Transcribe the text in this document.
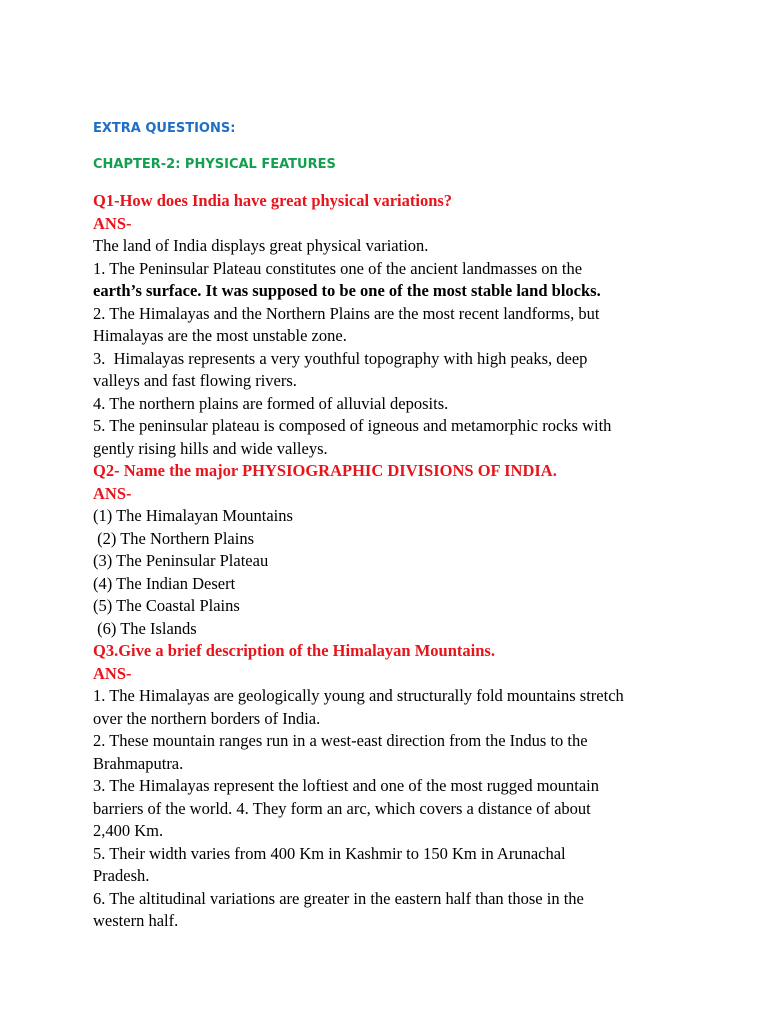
EXTRA QUESTIONS:
CHAPTER-2: PHYSICAL FEATURES
Q1-How does India have great physical variations?
ANS-
The land of India displays great physical variation.
1. The Peninsular Plateau constitutes one of the ancient landmasses on the
earth’s surface. It was supposed to be one of the most stable land blocks.
2. The Himalayas and the Northern Plains are the most recent landforms, but
Himalayas are the most unstable zone.
3.  Himalayas represents a very youthful topography with high peaks, deep
valleys and fast flowing rivers.
4. The northern plains are formed of alluvial deposits.
5. The peninsular plateau is composed of igneous and metamorphic rocks with
gently rising hills and wide valleys.
Q2- Name the major PHYSIOGRAPHIC DIVISIONS OF INDIA.
ANS-
(1) The Himalayan Mountains
(2) The Northern Plains
(3) The Peninsular Plateau
(4) The Indian Desert
(5) The Coastal Plains
(6) The Islands
Q3.Give a brief description of the Himalayan Mountains.
ANS-
1. The Himalayas are geologically young and structurally fold mountains stretch
over the northern borders of India.
2. These mountain ranges run in a west-east direction from the Indus to the
Brahmaputra.
3. The Himalayas represent the loftiest and one of the most rugged mountain
barriers of the world. 4. They form an arc, which covers a distance of about
2,400 Km.
5. Their width varies from 400 Km in Kashmir to 150 Km in Arunachal
Pradesh.
6. The altitudinal variations are greater in the eastern half than those in the
western half.
